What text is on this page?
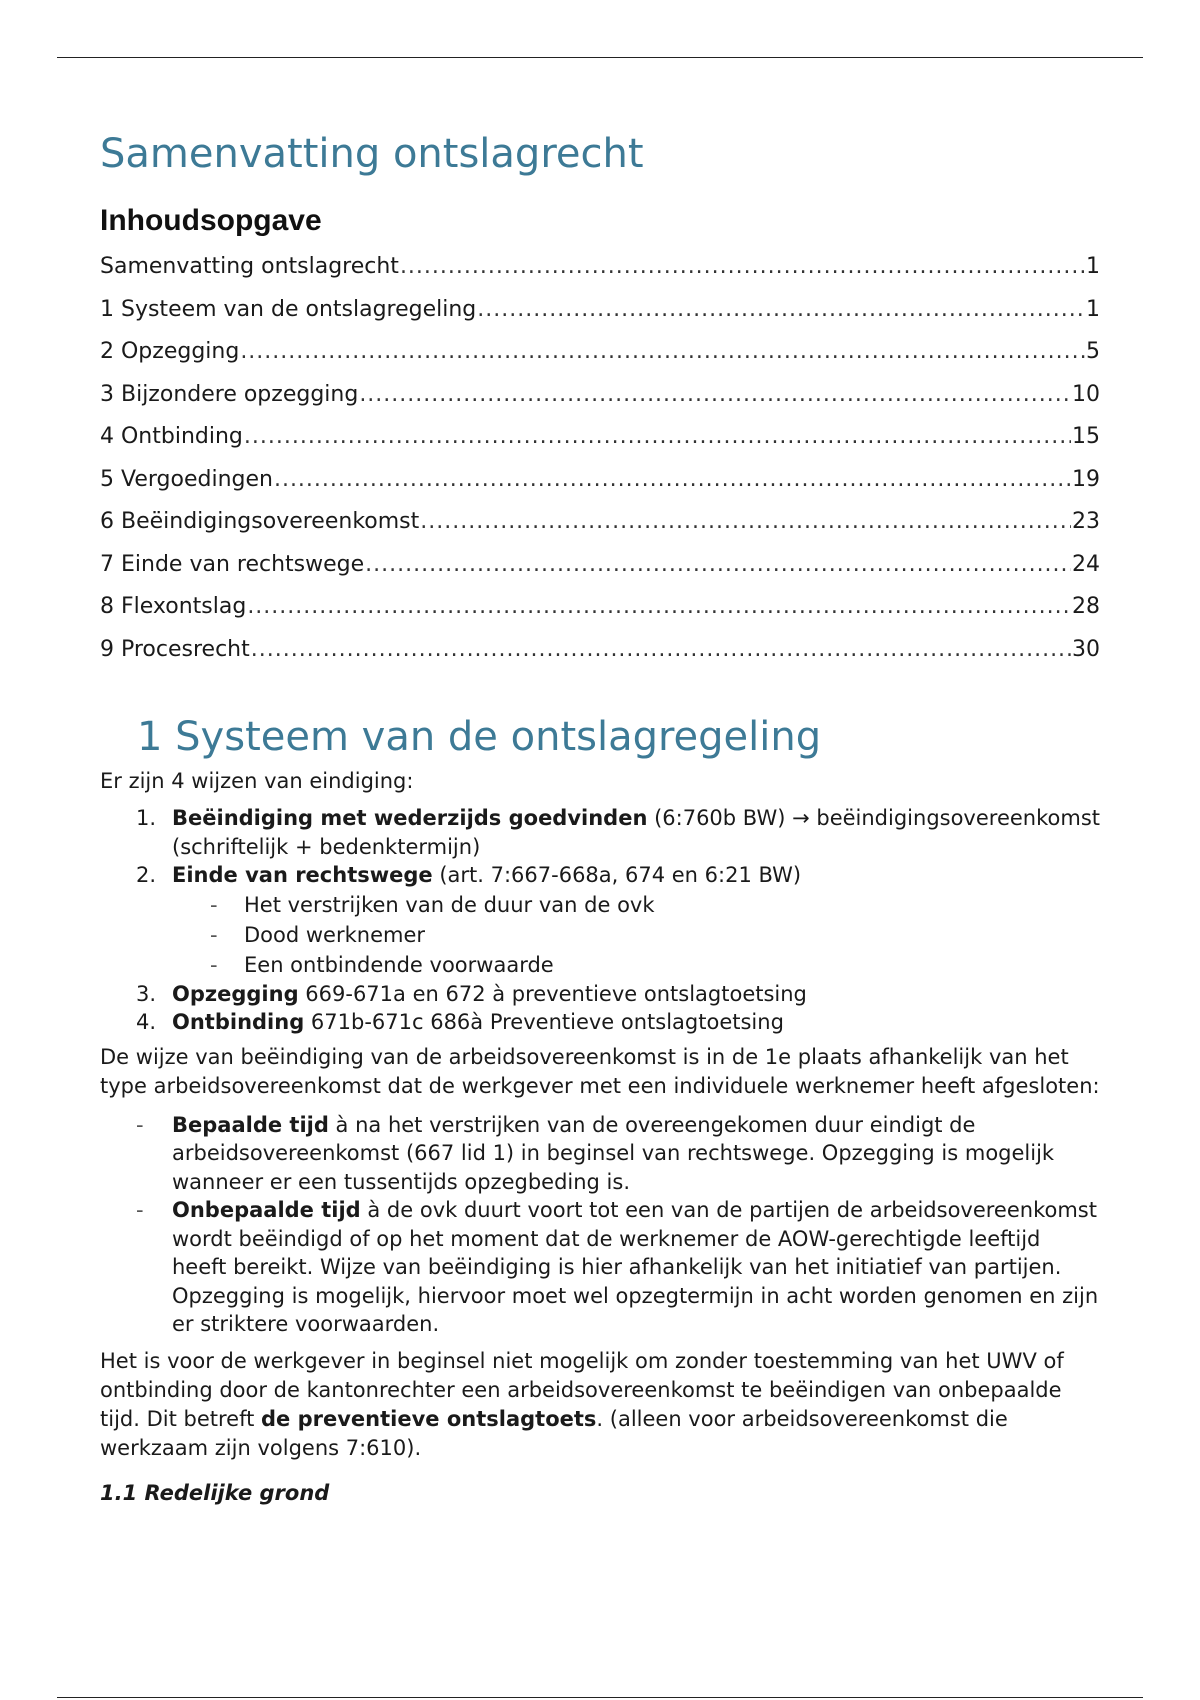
Samenvatting ontslagrecht
Inhoudsopgave
Samenvatting ontslagrecht .....	1
1 Systeem van de ontslagregeling .....	1
2 Opzegging .....	5
3 Bijzondere opzegging .....	10
4 Ontbinding .....	15
5 Vergoedingen .....	19
6 Beëindigingsovereenkomst .....	23
7 Einde van rechtswege .....	24
8 Flexontslag .....	28
9 Procesrecht .....	30
1 Systeem van de ontslagregeling

Er zijn 4 wijzen van eindiging:

1. Beëindiging met wederzijds goedvinden (6:760b BW) → beëindigingsovereenkomst (schriftelijk + bedenktermijn)
2. Einde van rechtswege (art. 7:667-668a, 674 en 6:21 BW)
- Het verstrijken van de duur van de ovk
- Dood werknemer
- Een ontbindende voorwaarde
3. Opzegging 669-671a en 672 à preventieve ontslagtoetsing
4. Ontbinding 671b-671c 686à Preventieve ontslagtoetsing

De wijze van beëindiging van de arbeidsovereenkomst is in de 1e plaats afhankelijk van het type arbeidsovereenkomst dat de werkgever met een individuele werknemer heeft afgesloten:

- Bepaalde tijd à na het verstrijken van de overeengekomen duur eindigt de arbeidsovereenkomst (667 lid 1) in beginsel van rechtswege. Opzegging is mogelijk wanneer er een tussentijds opzegbeding is.
- Onbepaalde tijd à de ovk duurt voort tot een van de partijen de arbeidsovereenkomst wordt beëindigd of op het moment dat de werknemer de AOW-gerechtigde leeftijd heeft bereikt. Wijze van beëindiging is hier afhankelijk van het initiatief van partijen. Opzegging is mogelijk, hiervoor moet wel opzegtermijn in acht worden genomen en zijn er striktere voorwaarden.

Het is voor de werkgever in beginsel niet mogelijk om zonder toestemming van het UWV of ontbinding door de kantonrechter een arbeidsovereenkomst te beëindigen van onbepaalde tijd. Dit betreft de preventieve ontslagtoets. (alleen voor arbeidsovereenkomst die werkzaam zijn volgens 7:610).

1.1 Redelijke grond
